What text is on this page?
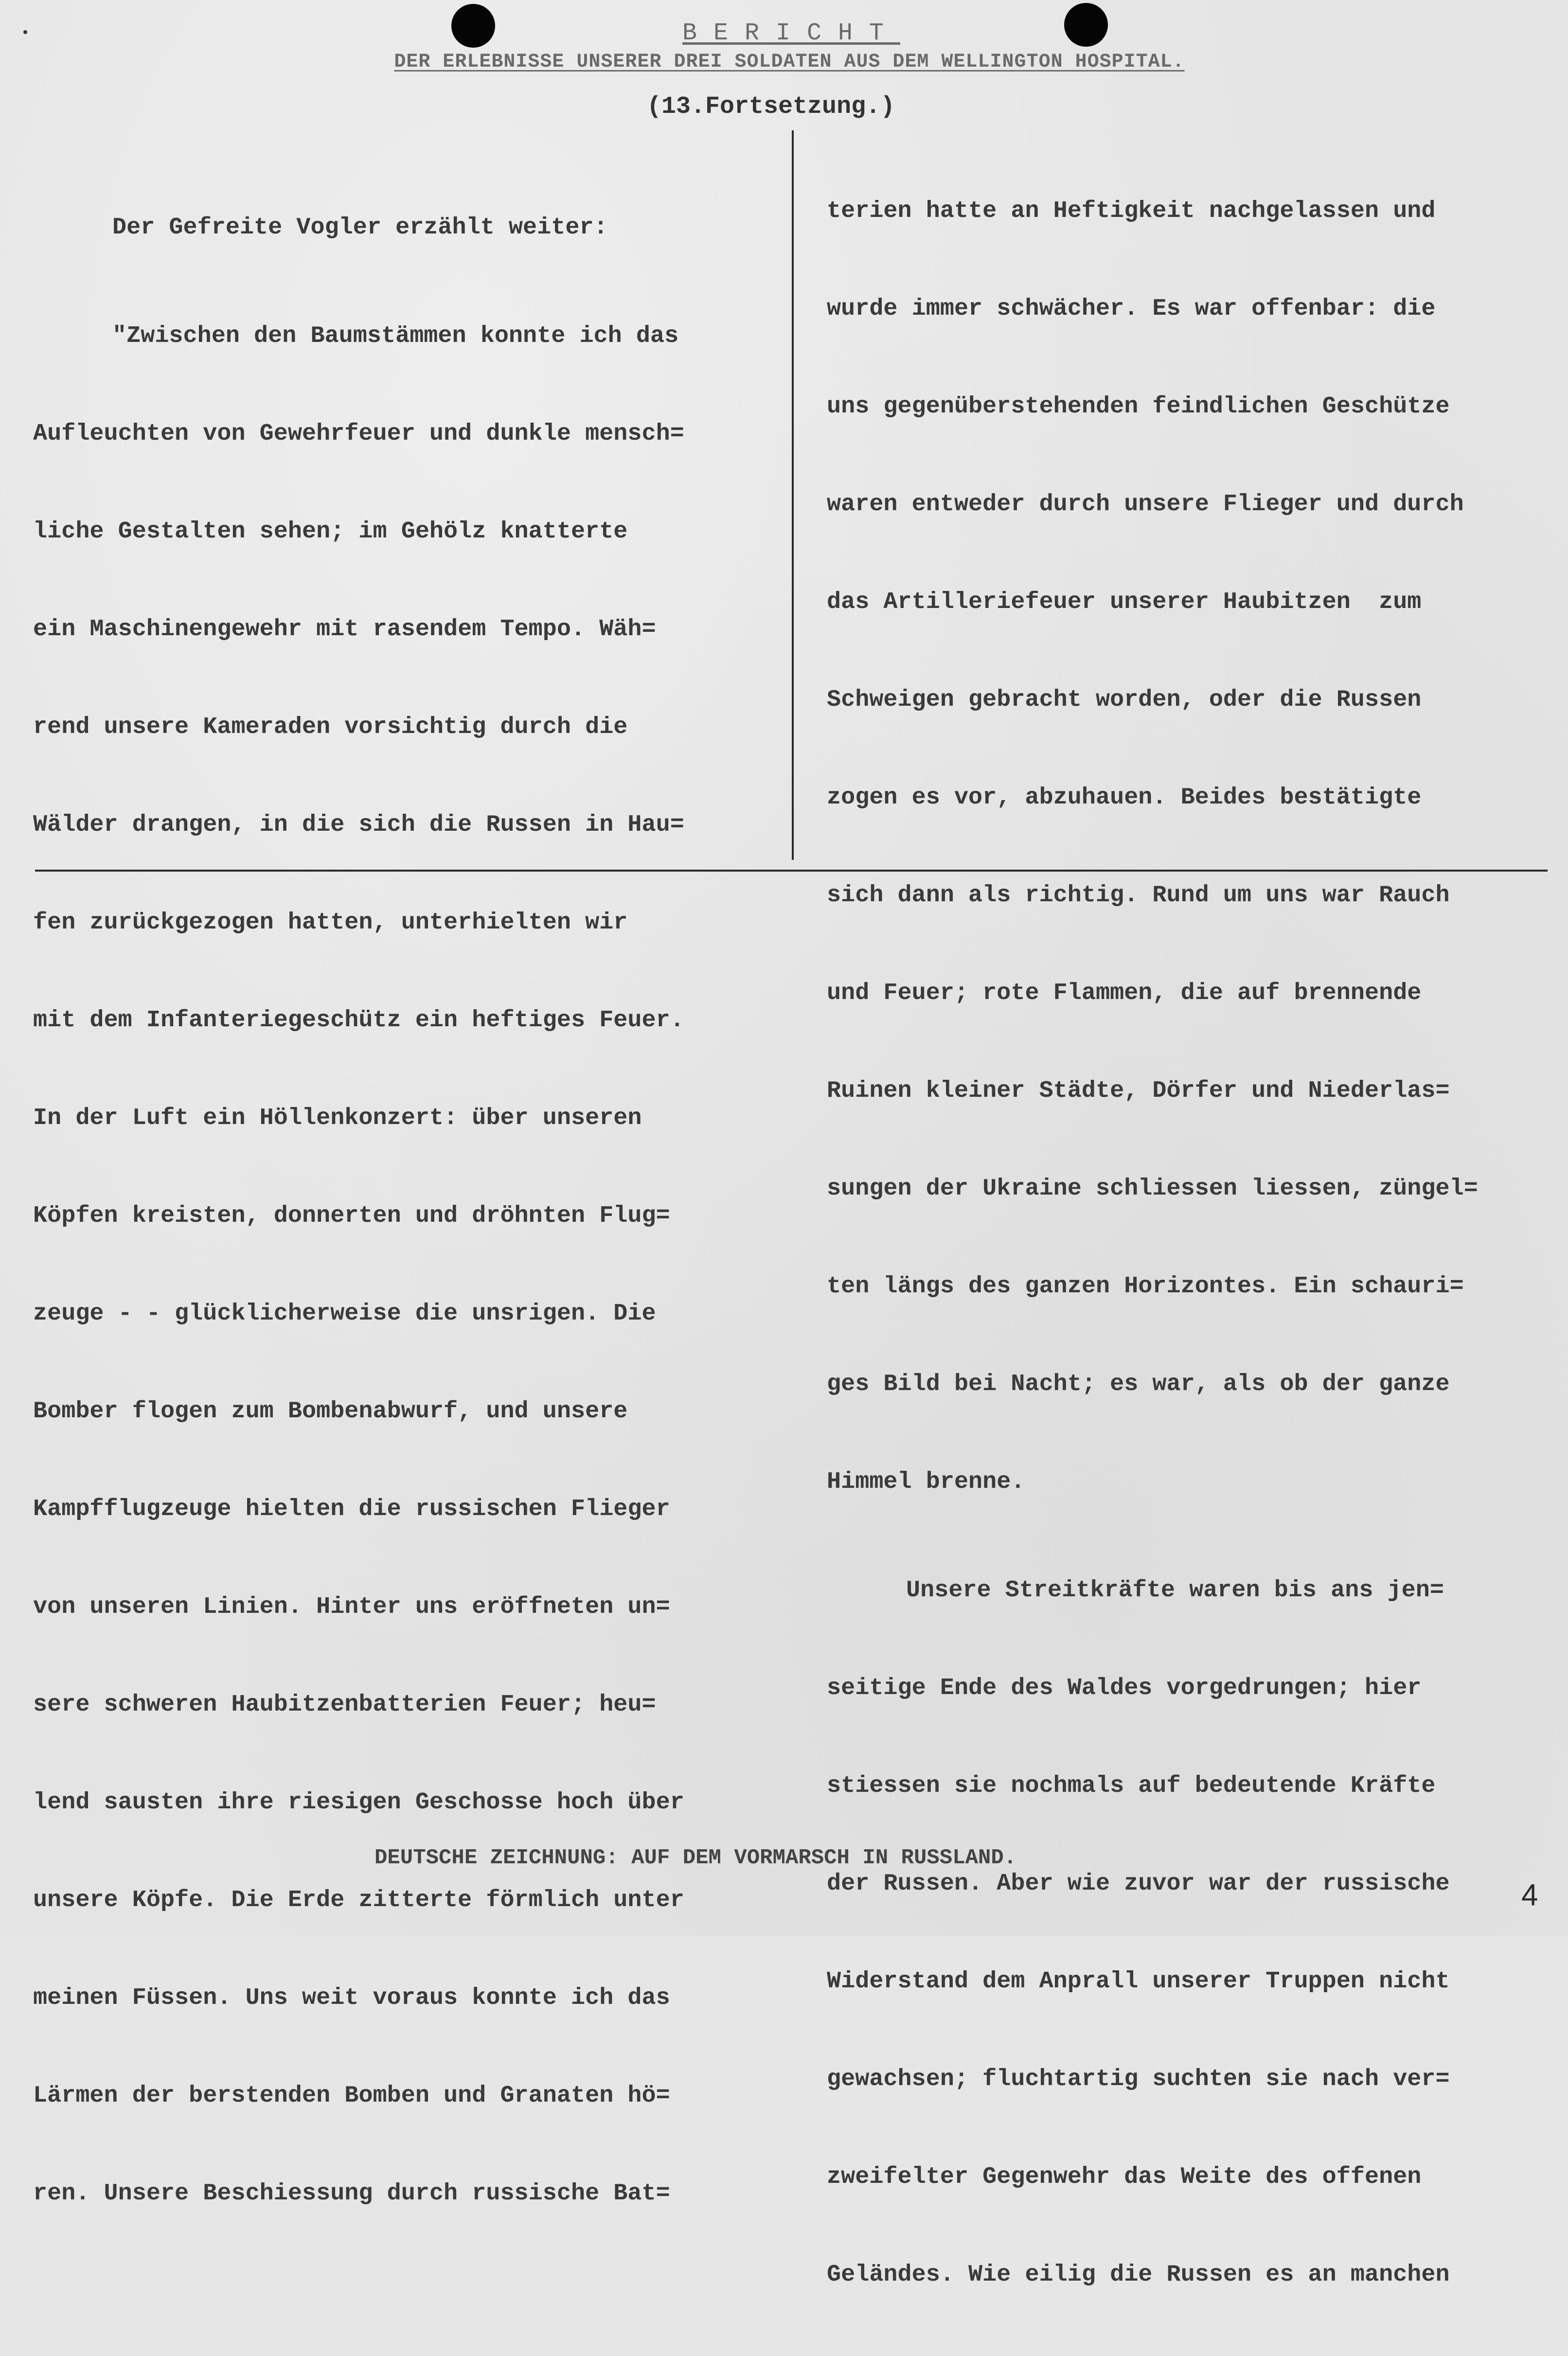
BERICHT
DER ERLEBNISSE UNSERER DREI SOLDATEN AUS DEM WELLINGTON HOSPITAL.
(13.Fortsetzung.)

Der Gefreite Vogler erzählt weiter:

"Zwischen den Baumstämmen konnte ich das

Aufleuchten von Gewehrfeuer und dunkle mensch=

liche Gestalten sehen; im Gehölz knatterte

ein Maschinengewehr mit rasendem Tempo. Wäh=

rend unsere Kameraden vorsichtig durch die

Wälder drangen, in die sich die Russen in Hau=

fen zurückgezogen hatten, unterhielten wir

mit dem Infanteriegeschütz ein heftiges Feuer.

In der Luft ein Höllenkonzert: über unseren

Köpfen kreisten, donnerten und dröhnten Flug=

zeuge - - glücklicherweise die unsrigen. Die

Bomber flogen zum Bombenabwurf, und unsere

Kampfflugzeuge hielten die russischen Flieger

von unseren Linien. Hinter uns eröffneten un=

sere schweren Haubitzenbatterien Feuer; heu=

lend sausten ihre riesigen Geschosse hoch über

unsere Köpfe. Die Erde zitterte förmlich unter

meinen Füssen. Uns weit voraus konnte ich das

Lärmen der berstenden Bomben und Granaten hö=

ren. Unsere Beschiessung durch russische Bat=

terien hatte an Heftigkeit nachgelassen und

wurde immer schwächer. Es war offenbar: die

uns gegenüberstehenden feindlichen Geschütze

waren entweder durch unsere Flieger und durch

das Artilleriefeuer unserer Haubitzen  zum

Schweigen gebracht worden, oder die Russen

zogen es vor, abzuhauen. Beides bestätigte

sich dann als richtig. Rund um uns war Rauch

und Feuer; rote Flammen, die auf brennende

Ruinen kleiner Städte, Dörfer und Niederlas=

sungen der Ukraine schliessen liessen, züngel=

ten längs des ganzen Horizontes. Ein schauri=

ges Bild bei Nacht; es war, als ob der ganze

Himmel brenne.

Unsere Streitkräfte waren bis ans jen=

seitige Ende des Waldes vorgedrungen; hier

stiessen sie nochmals auf bedeutende Kräfte

der Russen. Aber wie zuvor war der russische

Widerstand dem Anprall unserer Truppen nicht

gewachsen; fluchtartig suchten sie nach ver=

zweifelter Gegenwehr das Weite des offenen

Geländes. Wie eilig die Russen es an manchen

DEUTSCHE ZEICHNUNG: AUF DEM VORMARSCH IN RUSSLAND.
4
